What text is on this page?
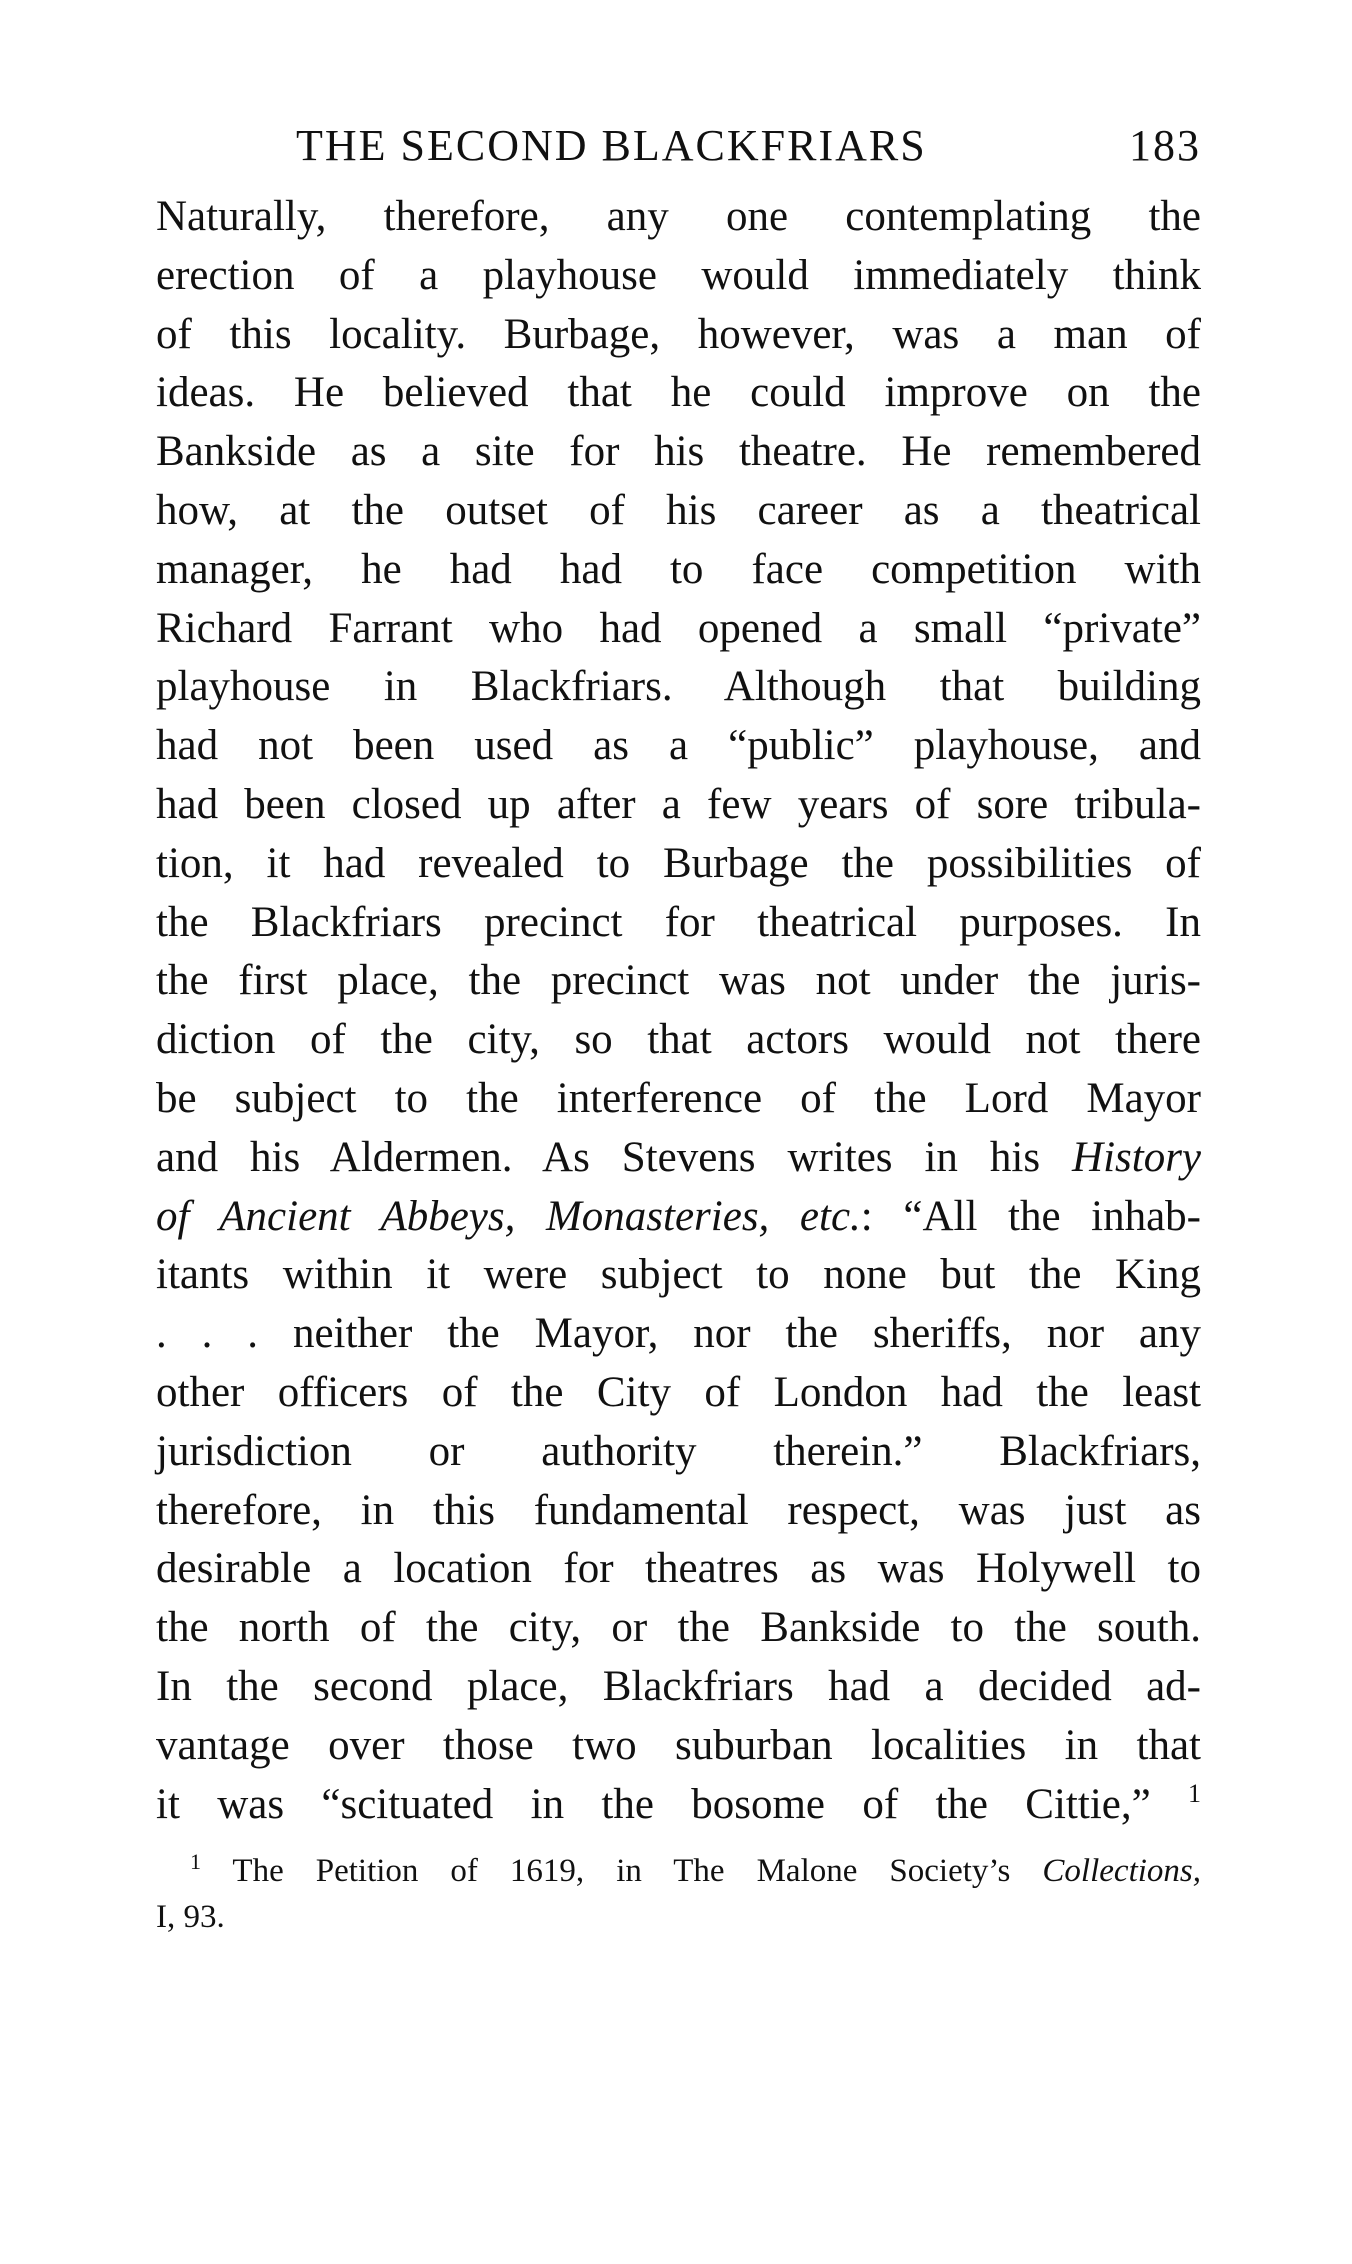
THE SECOND BLACKFRIARS	183
Naturally, therefore, any one contemplating the
erection of a playhouse would immediately think
of this locality. Burbage, however, was a man of
ideas. He believed that he could improve on the
Bankside as a site for his theatre. He remembered
how, at the outset of his career as a theatrical
manager, he had had to face competition with
Richard Farrant who had opened a small “private”
playhouse in Blackfriars. Although that building
had not been used as a “public” playhouse, and
had been closed up after a few years of sore tribula-
tion, it had revealed to Burbage the possibilities of
the Blackfriars precinct for theatrical purposes. In
the first place, the precinct was not under the juris-
diction of the city, so that actors would not there
be subject to the interference of the Lord Mayor
and his Aldermen. As Stevens writes in his History
of Ancient Abbeys, Monasteries, etc.: “All the inhab-
itants within it were subject to none but the King
. . . neither the Mayor, nor the sheriffs, nor any
other officers of the City of London had the least
jurisdiction or authority therein.” Blackfriars,
therefore, in this fundamental respect, was just as
desirable a location for theatres as was Holywell to
the north of the city, or the Bankside to the south.
In the second place, Blackfriars had a decided ad-
vantage over those two suburban localities in that
it was “scituated in the bosome of the Cittie,” $^1$
$^1$ The Petition of 1619, in The Malone Society’s Collections,
I, 93.
